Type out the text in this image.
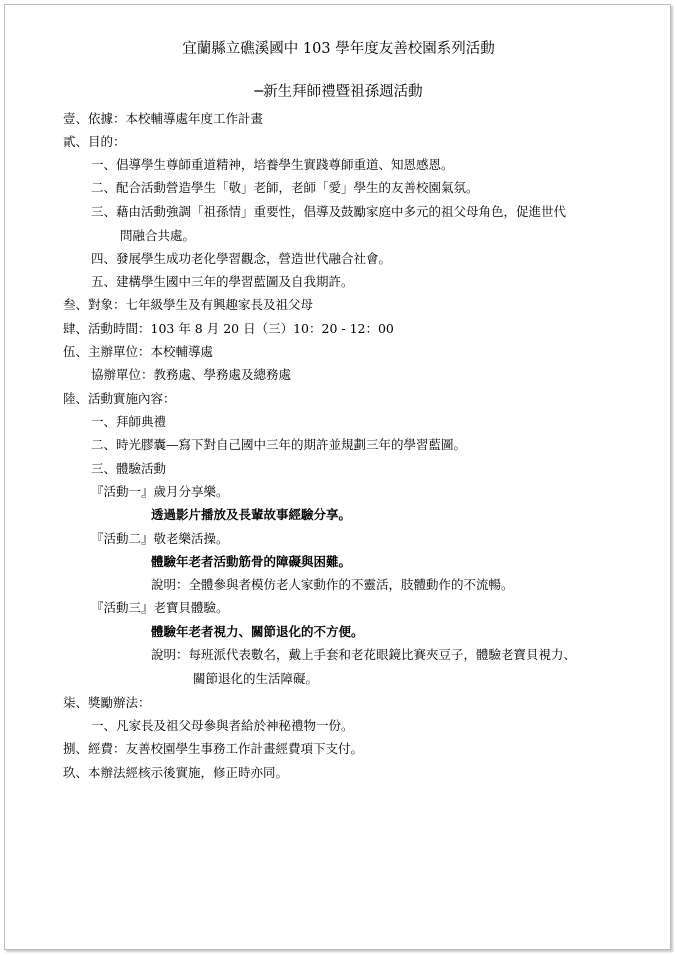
宜蘭縣立礁溪國中 103 學年度友善校園系列活動
─新生拜師禮暨祖孫週活動
壹、依據：本校輔導處年度工作計畫
貳、目的：
一、倡導學生尊師重道精神，培養學生實踐尊師重道、知恩感恩。
二、配合活動營造學生「敬」老師，老師「愛」學生的友善校園氣氛。
三、藉由活動強調「祖孫情」重要性，倡導及鼓勵家庭中多元的祖父母角色，促進世代
問融合共處。
四、發展學生成功老化學習觀念，營造世代融合社會。
五、建構學生國中三年的學習藍圖及自我期許。
叁、對象：七年級學生及有興趣家長及祖父母
肆、活動時間：103 年 8 月 20 日（三）10：20 - 12：00
伍、主辦單位：本校輔導處
協辦單位：教務處、學務處及總務處
陸、活動實施內容：
一、拜師典禮
二、時光膠囊—寫下對自己國中三年的期許並規劃三年的學習藍圖。
三、體驗活動
『活動一』歲月分享樂。
透過影片播放及長輩故事經驗分享。
『活動二』敬老樂活操。
體驗年老者活動筋骨的障礙與困難。
說明：全體參與者模仿老人家動作的不靈活，肢體動作的不流暢。
『活動三』老寶貝體驗。
體驗年老者視力、關節退化的不方便。
說明：每班派代表數名，戴上手套和老花眼鏡比賽夾豆子，體驗老寶貝視力、
關節退化的生活障礙。
柒、獎勵辦法：
一、凡家長及祖父母參與者給於神秘禮物一份。
捌、經費：友善校園學生事務工作計畫經費項下支付。
玖、本辦法經核示後實施，修正時亦同。
